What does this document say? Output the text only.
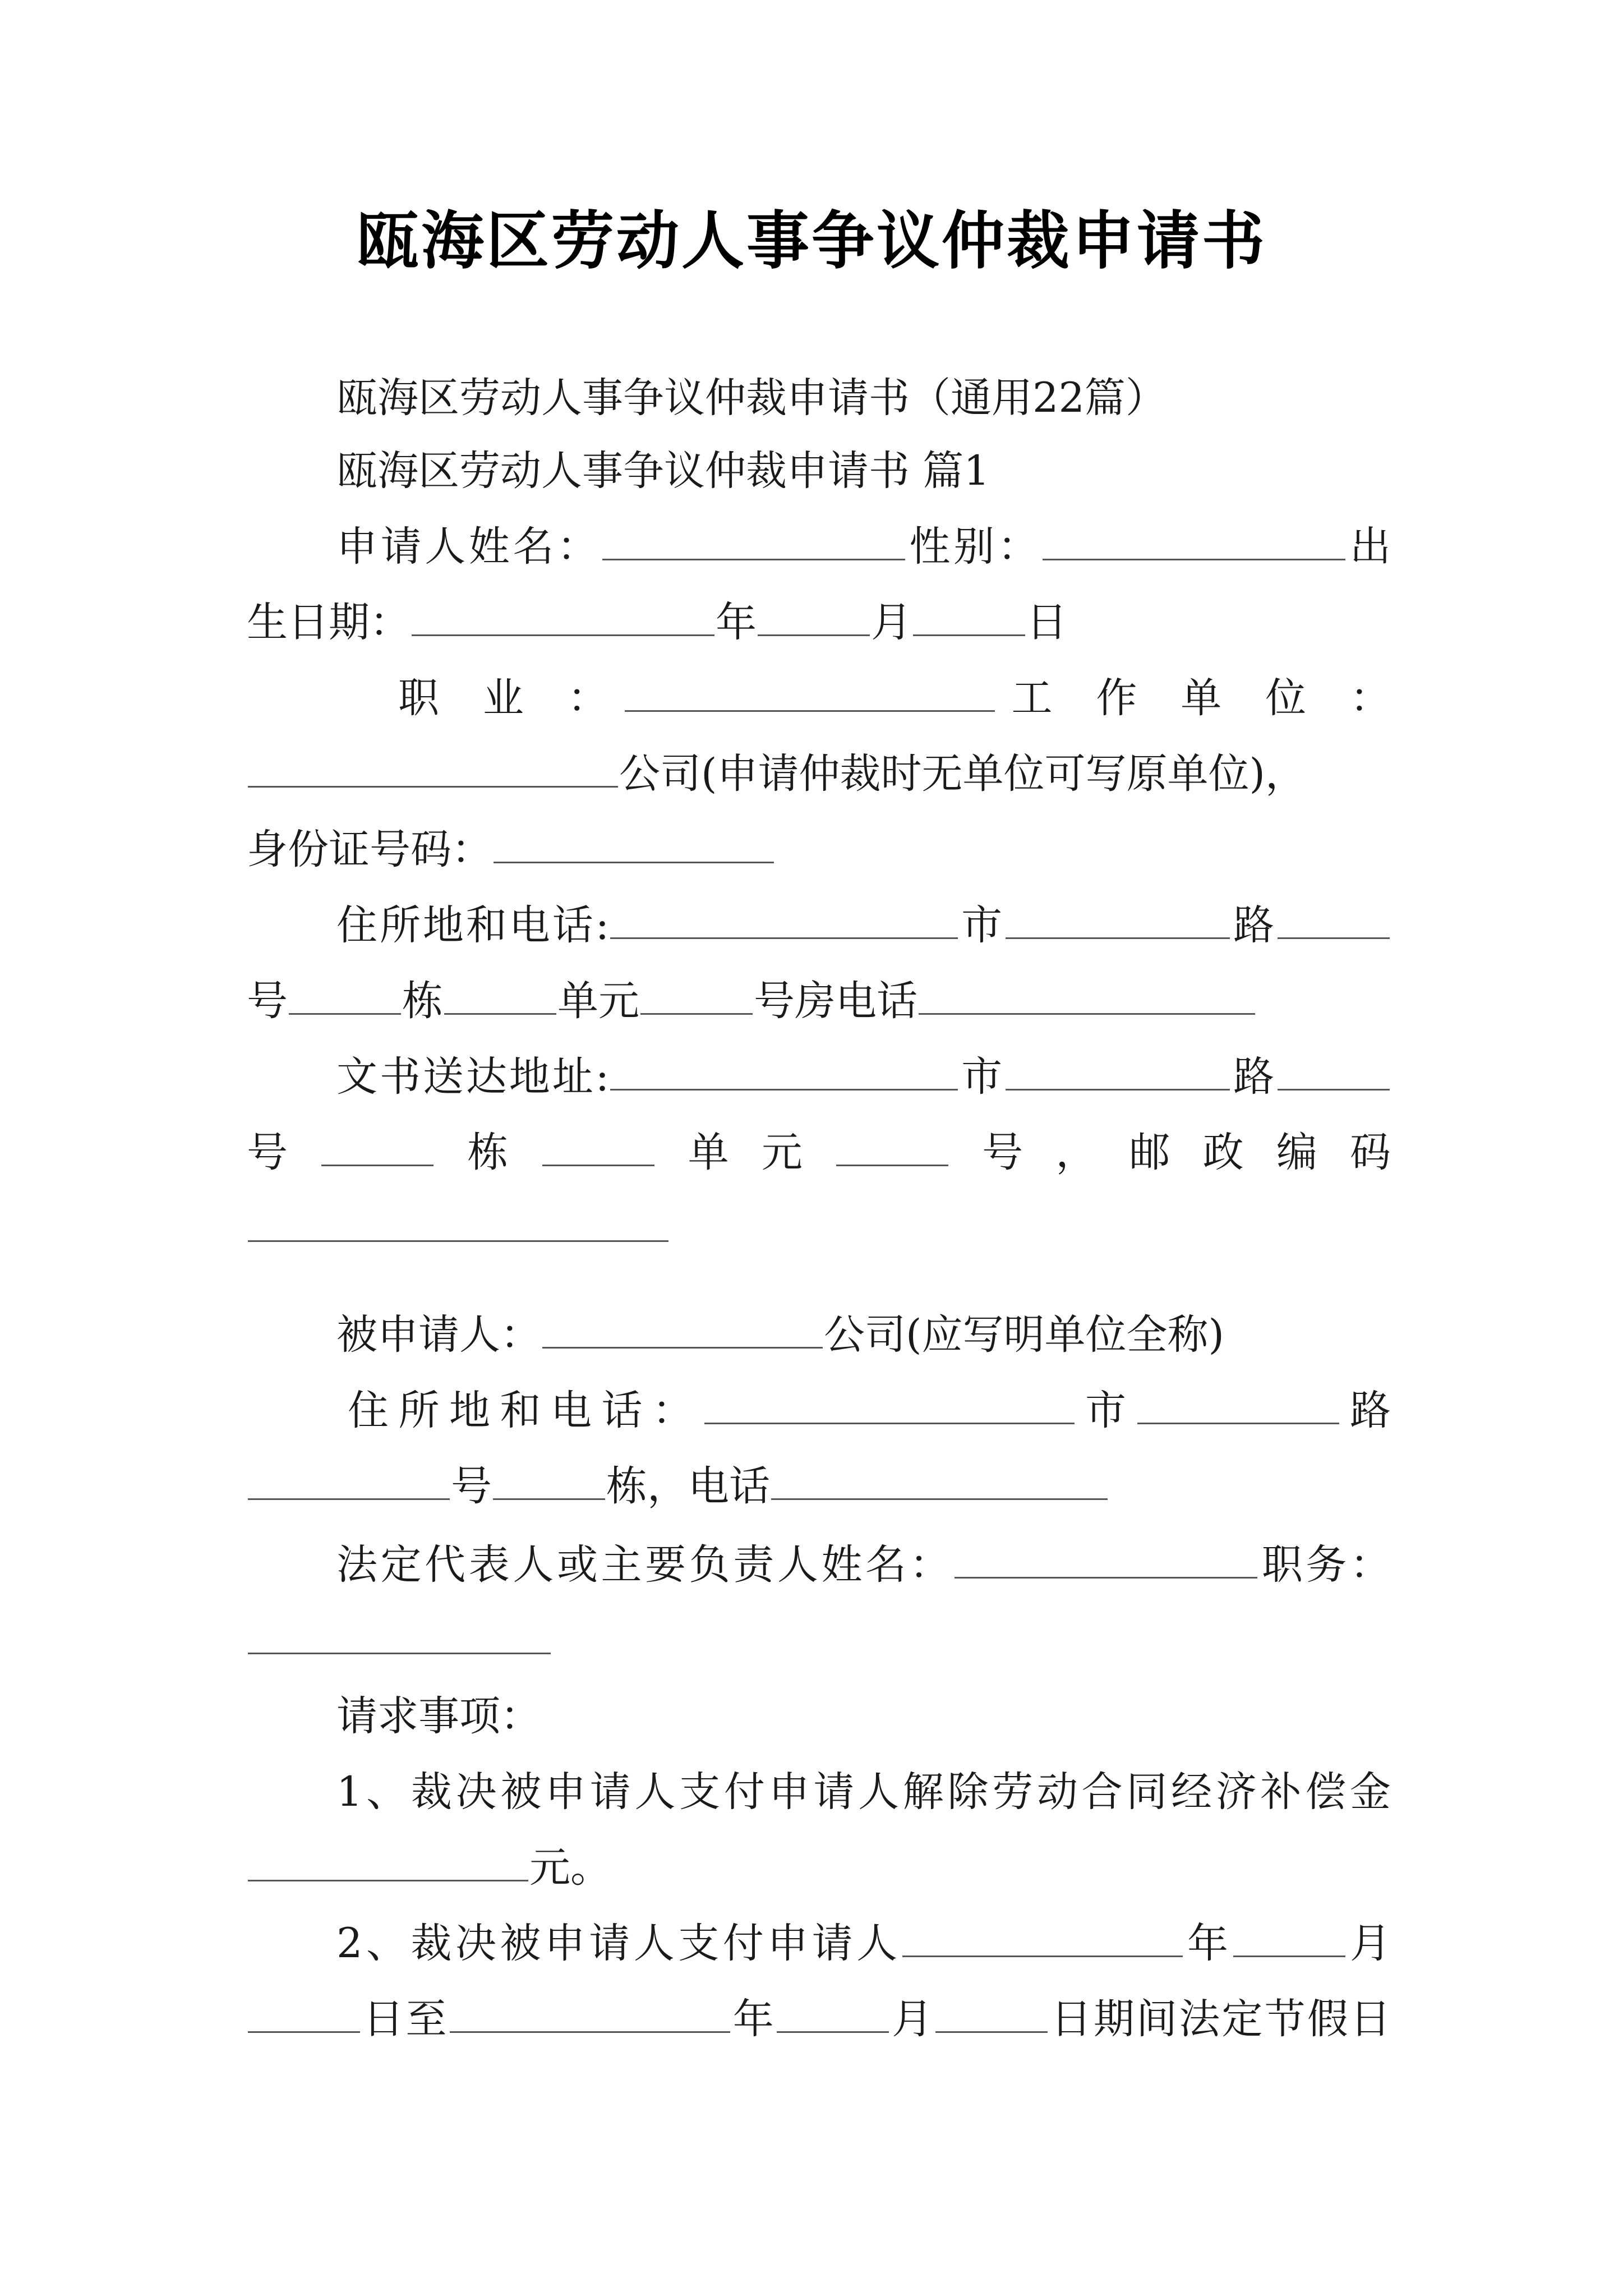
瓯海区劳动人事争议仲裁申请书
瓯海区劳动人事争议仲裁申请书（通用22篇）
瓯海区劳动人事争议仲裁申请书 篇1
申请人姓名：	性别：	出
生日期：	年	月	日
职 业 ：	工 作 单 位 ：
公司(申请仲裁时无单位可写原单位)，
身份证号码：
住所地和电话:	市	路
号	栋	单元	号房电话
文书送达地址:	市	路
号	栋	单元	号，邮政编码
被申请人：	公司(应写明单位全称)
住所地和电话：	市	路
号	栋，电话
法定代表人或主要负责人姓名：	职务：
请求事项：
1、裁决被申请人支付申请人解除劳动合同经济补偿金
元。
2、裁决被申请人支付申请人	年	月
日至	年	月	日期间法定节假日
